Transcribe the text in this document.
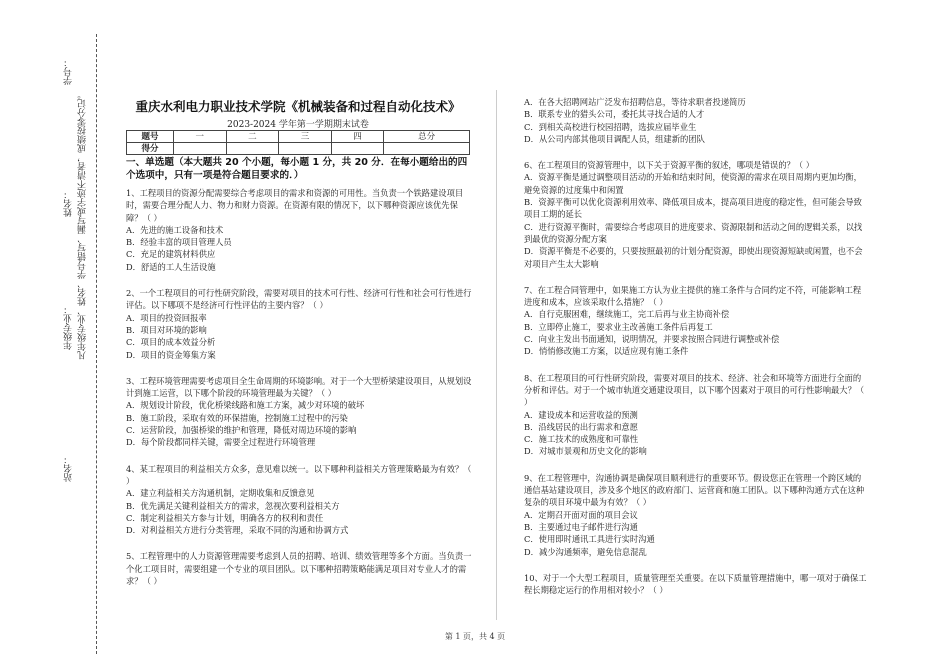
学号：
凡年级专业、姓名、学号错写、漏写或字迹不清者，成绩按零分记。
姓名：
年级专业：
站名：
重庆水利电力职业技术学院《机械装备和过程自动化技术》
2023-2024 学年第一学期期末试卷
题号	一	二	三	四	总分
得分					

一、单选题（本大题共 20 个小题，每小题 1 分，共 20 分．在每小题给出的四个选项中，只有一项是符合题目要求的．）

1、工程项目的资源分配需要综合考虑项目的需求和资源的可用性。当负责一个铁路建设项目时，需要合理分配人力、物力和财力资源。在资源有限的情况下，以下哪种资源应该优先保障？（ ）

A．先进的施工设备和技术

B．经验丰富的项目管理人员

C．充足的建筑材料供应

D．舒适的工人生活设施

2、一个工程项目的可行性研究阶段，需要对项目的技术可行性、经济可行性和社会可行性进行评估。以下哪项不是经济可行性评估的主要内容？（ ）

A．项目的投资回报率

B．项目对环境的影响

C．项目的成本效益分析

D．项目的资金筹集方案

3、工程环境管理需要考虑项目全生命周期的环境影响。对于一个大型桥梁建设项目，从规划设计到施工运营，以下哪个阶段的环境管理最为关键？（ ）

A．规划设计阶段，优化桥梁线路和施工方案，减少对环境的破坏

B．施工阶段，采取有效的环保措施，控制施工过程中的污染

C．运营阶段，加强桥梁的维护和管理，降低对周边环境的影响

D．每个阶段都同样关键，需要全过程进行环境管理

4、某工程项目的利益相关方众多，意见难以统一。以下哪种利益相关方管理策略最为有效？（ ）

A．建立利益相关方沟通机制，定期收集和反馈意见

B．优先满足关键利益相关方的需求，忽视次要利益相关方

C．制定利益相关方参与计划，明确各方的权利和责任

D．对利益相关方进行分类管理，采取不同的沟通和协调方式

5、工程管理中的人力资源管理需要考虑到人员的招聘、培训、绩效管理等多个方面。当负责一个化工项目时，需要组建一个专业的项目团队。以下哪种招聘策略能满足项目对专业人才的需求？（ ）

A．在各大招聘网站广泛发布招聘信息，等待求职者投递简历

B．联系专业的猎头公司，委托其寻找合适的人才

C．到相关高校进行校园招聘，选拔应届毕业生

D．从公司内部其他项目调配人员，组建新的团队

6、在工程项目的资源管理中，以下关于资源平衡的叙述，哪项是错误的？（ ）

A．资源平衡是通过调整项目活动的开始和结束时间，使资源的需求在项目周期内更加均衡，避免资源的过度集中和闲置

B．资源平衡可以优化资源利用效率、降低项目成本，提高项目进度的稳定性，但可能会导致项目工期的延长

C．进行资源平衡时，需要综合考虑项目的进度要求、资源限制和活动之间的逻辑关系，以找到最优的资源分配方案

D．资源平衡是不必要的，只要按照最初的计划分配资源，即使出现资源短缺或闲置，也不会对项目产生太大影响

7、在工程合同管理中，如果施工方认为业主提供的施工条件与合同约定不符，可能影响工程进度和成本，应该采取什么措施？（ ）

A．自行克服困难，继续施工，完工后再与业主协商补偿

B．立即停止施工，要求业主改善施工条件后再复工

C．向业主发出书面通知，说明情况，并要求按照合同进行调整或补偿

D．悄悄修改施工方案，以适应现有施工条件

8、在工程项目的可行性研究阶段，需要对项目的技术、经济、社会和环境等方面进行全面的分析和评估。对于一个城市轨道交通建设项目，以下哪个因素对于项目的可行性影响最大？（ ）

A．建设成本和运营收益的预测

B．沿线居民的出行需求和意愿

C．施工技术的成熟度和可靠性

D．对城市景观和历史文化的影响

9、在工程管理中，沟通协调是确保项目顺利进行的重要环节。假设您正在管理一个跨区域的通信基站建设项目，涉及多个地区的政府部门、运营商和施工团队。以下哪种沟通方式在这种复杂的项目环境中最为有效？（ ）

A．定期召开面对面的项目会议

B．主要通过电子邮件进行沟通

C．使用即时通讯工具进行实时沟通

D．减少沟通频率，避免信息混乱

10、对于一个大型工程项目，质量管理至关重要。在以下质量管理措施中，哪一项对于确保工程长期稳定运行的作用相对较小？（ ）

第 1 页，共 4 页
